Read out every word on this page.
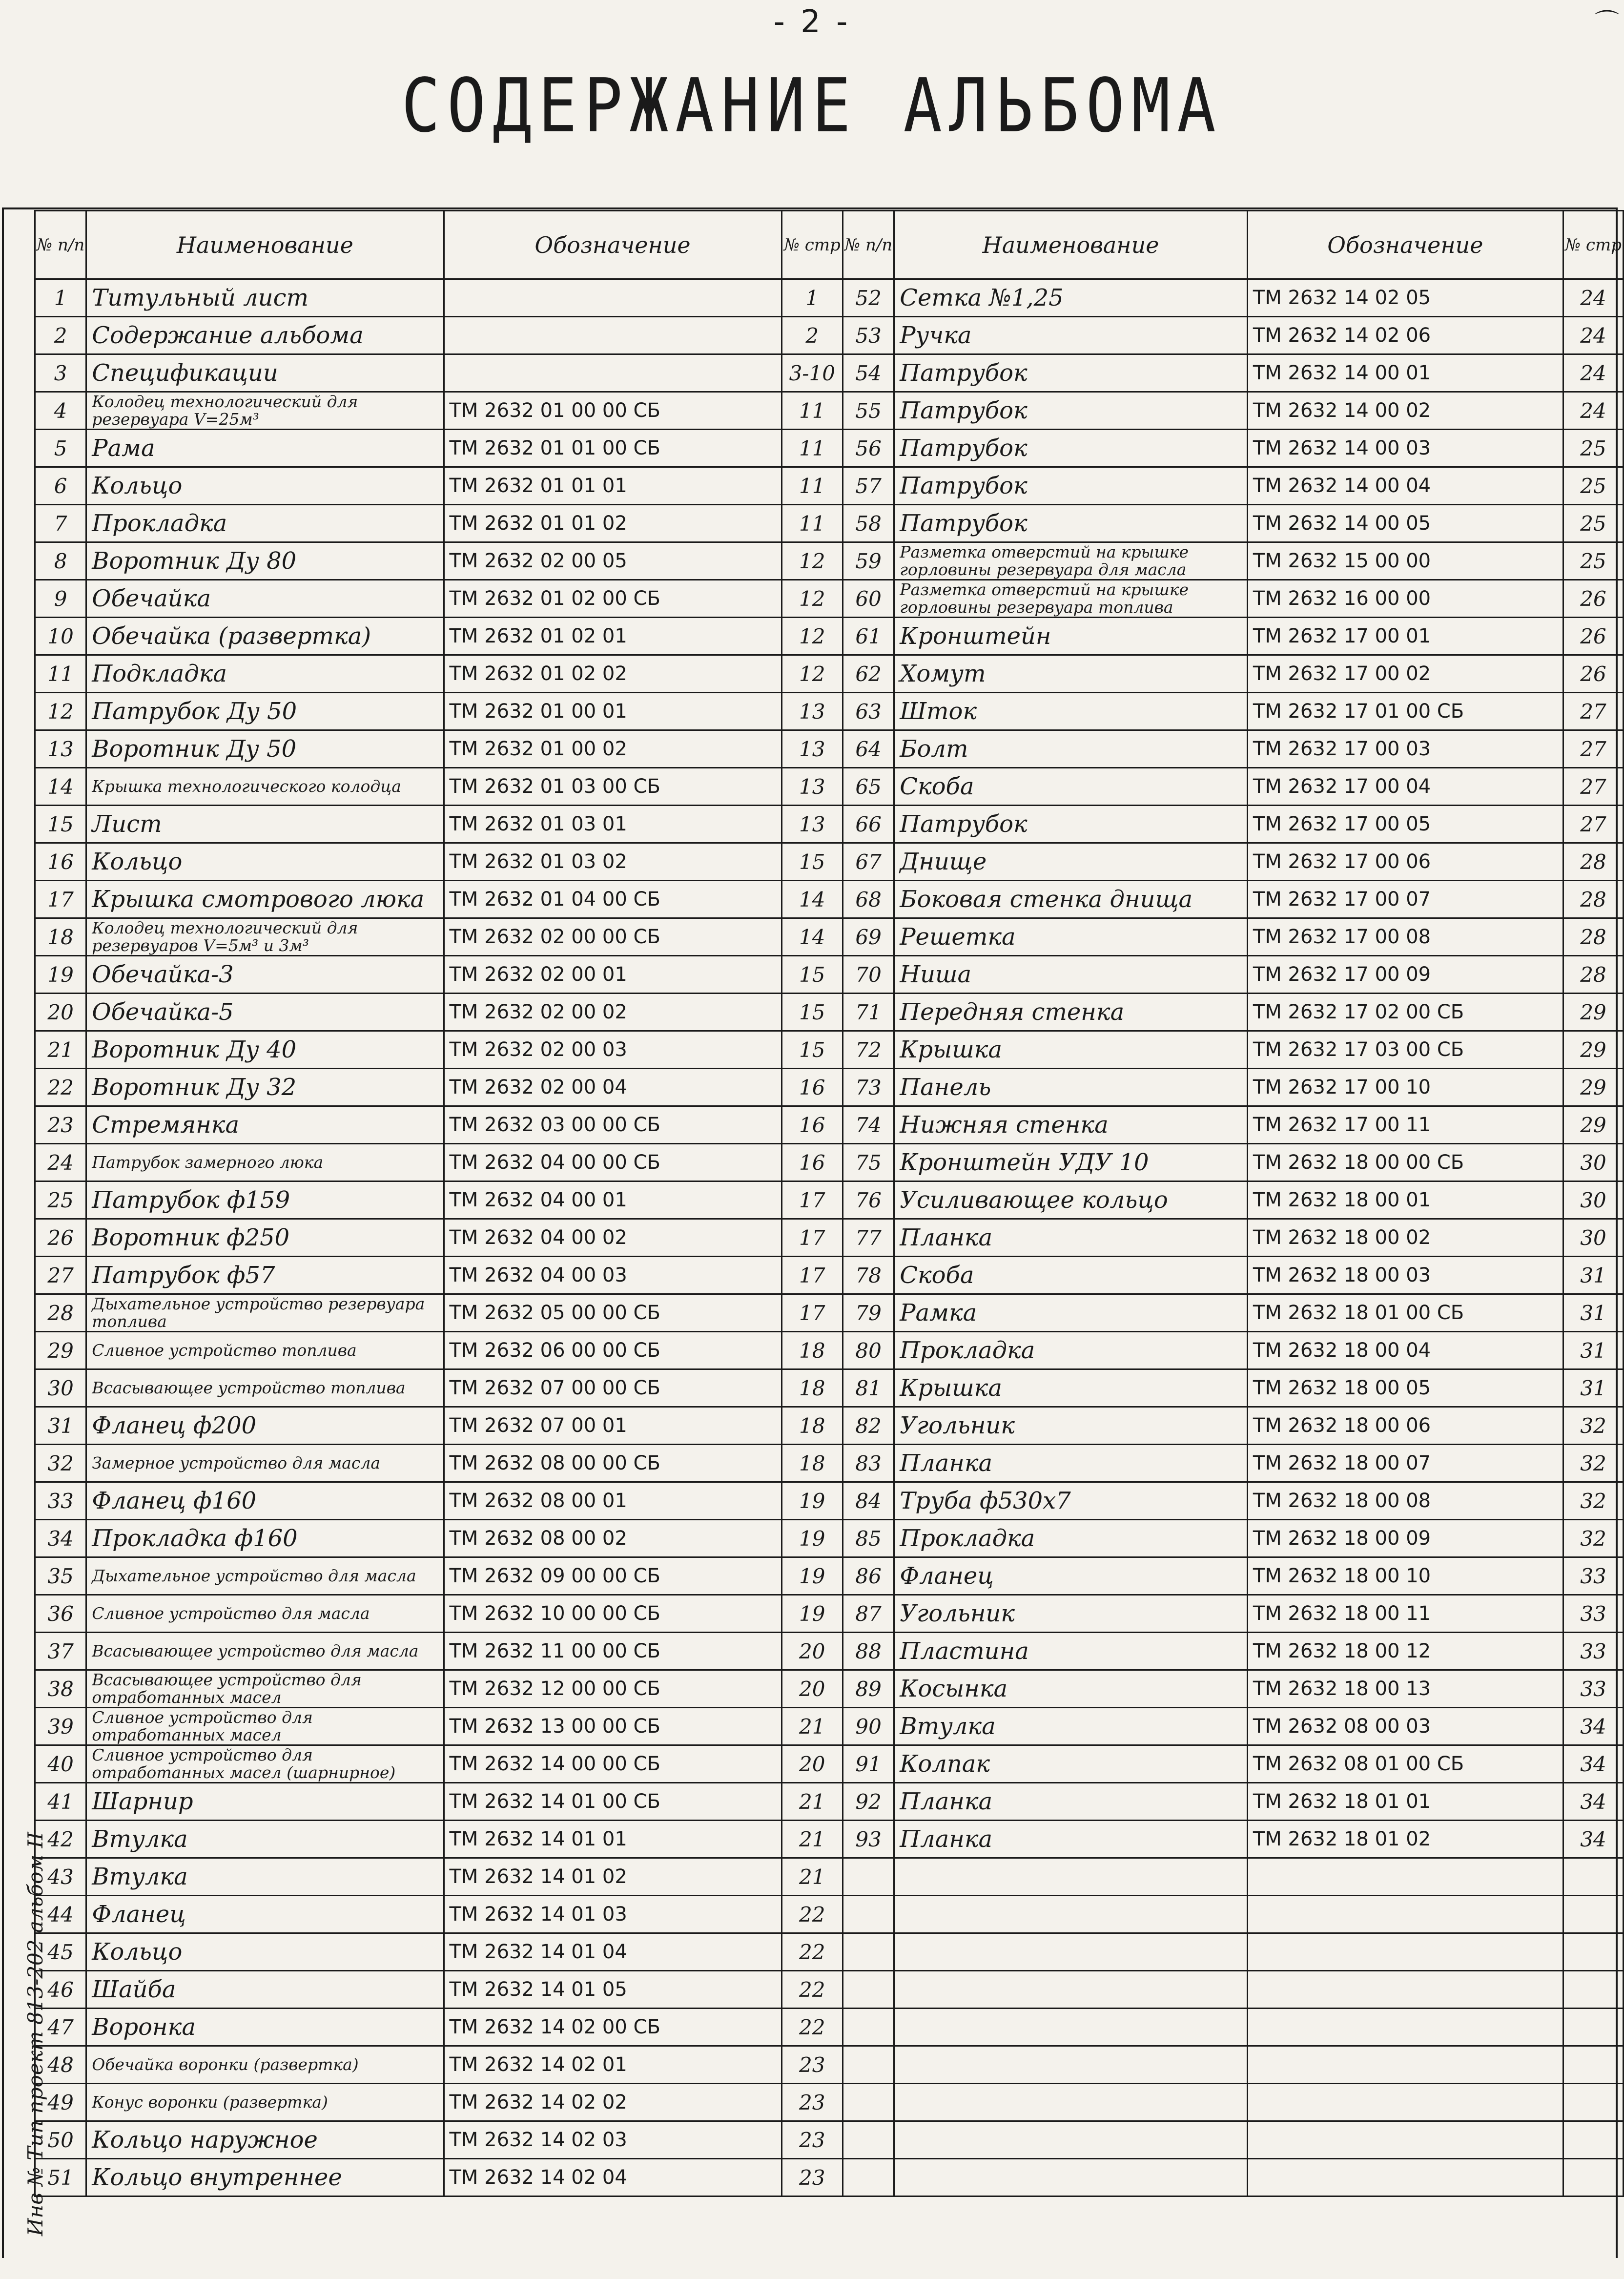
- 2 -
СОДЕРЖАНИЕ АЛЬБОМА
⌒
Инв № Тип проект 813-202 альбом II
№ п/п	Наименование	Обозначение	№ стр	№ п/п	Наименование	Обозначение	№ стр
1	Титульный лист		1	52	Сетка №1,25	ТМ 2632 14 02 05	24
2	Содержание альбома		2	53	Ручка	ТМ 2632 14 02 06	24
3	Спецификации		3-10	54	Патрубок	ТМ 2632 14 00 01	24
4	Колодец технологический для резервуара V=25м³	ТМ 2632 01 00 00 СБ	11	55	Патрубок	ТМ 2632 14 00 02	24
5	Рама	ТМ 2632 01 01 00 СБ	11	56	Патрубок	ТМ 2632 14 00 03	25
6	Кольцо	ТМ 2632 01 01 01	11	57	Патрубок	ТМ 2632 14 00 04	25
7	Прокладка	ТМ 2632 01 01 02	11	58	Патрубок	ТМ 2632 14 00 05	25
8	Воротник Ду 80	ТМ 2632 02 00 05	12	59	Разметка отверстий на крышке горловины резервуара для масла	ТМ 2632 15 00 00	25
9	Обечайка	ТМ 2632 01 02 00 СБ	12	60	Разметка отверстий на крышке горловины резервуара топлива	ТМ 2632 16 00 00	26
10	Обечайка (развертка)	ТМ 2632 01 02 01	12	61	Кронштейн	ТМ 2632 17 00 01	26
11	Подкладка	ТМ 2632 01 02 02	12	62	Хомут	ТМ 2632 17 00 02	26
12	Патрубок Ду 50	ТМ 2632 01 00 01	13	63	Шток	ТМ 2632 17 01 00 СБ	27
13	Воротник Ду 50	ТМ 2632 01 00 02	13	64	Болт	ТМ 2632 17 00 03	27
14	Крышка технологического колодца	ТМ 2632 01 03 00 СБ	13	65	Скоба	ТМ 2632 17 00 04	27
15	Лист	ТМ 2632 01 03 01	13	66	Патрубок	ТМ 2632 17 00 05	27
16	Кольцо	ТМ 2632 01 03 02	15	67	Днище	ТМ 2632 17 00 06	28
17	Крышка смотрового люка	ТМ 2632 01 04 00 СБ	14	68	Боковая стенка днища	ТМ 2632 17 00 07	28
18	Колодец технологический для резервуаров V=5м³ и 3м³	ТМ 2632 02 00 00 СБ	14	69	Решетка	ТМ 2632 17 00 08	28
19	Обечайка-3	ТМ 2632 02 00 01	15	70	Ниша	ТМ 2632 17 00 09	28
20	Обечайка-5	ТМ 2632 02 00 02	15	71	Передняя стенка	ТМ 2632 17 02 00 СБ	29
21	Воротник Ду 40	ТМ 2632 02 00 03	15	72	Крышка	ТМ 2632 17 03 00 СБ	29
22	Воротник Ду 32	ТМ 2632 02 00 04	16	73	Панель	ТМ 2632 17 00 10	29
23	Стремянка	ТМ 2632 03 00 00 СБ	16	74	Нижняя стенка	ТМ 2632 17 00 11	29
24	Патрубок замерного люка	ТМ 2632 04 00 00 СБ	16	75	Кронштейн УДУ 10	ТМ 2632 18 00 00 СБ	30
25	Патрубок ф159	ТМ 2632 04 00 01	17	76	Усиливающее кольцо	ТМ 2632 18 00 01	30
26	Воротник ф250	ТМ 2632 04 00 02	17	77	Планка	ТМ 2632 18 00 02	30
27	Патрубок ф57	ТМ 2632 04 00 03	17	78	Скоба	ТМ 2632 18 00 03	31
28	Дыхательное устройство резервуара топлива	ТМ 2632 05 00 00 СБ	17	79	Рамка	ТМ 2632 18 01 00 СБ	31
29	Сливное устройство топлива	ТМ 2632 06 00 00 СБ	18	80	Прокладка	ТМ 2632 18 00 04	31
30	Всасывающее устройство топлива	ТМ 2632 07 00 00 СБ	18	81	Крышка	ТМ 2632 18 00 05	31
31	Фланец ф200	ТМ 2632 07 00 01	18	82	Угольник	ТМ 2632 18 00 06	32
32	Замерное устройство для масла	ТМ 2632 08 00 00 СБ	18	83	Планка	ТМ 2632 18 00 07	32
33	Фланец ф160	ТМ 2632 08 00 01	19	84	Труба ф530х7	ТМ 2632 18 00 08	32
34	Прокладка ф160	ТМ 2632 08 00 02	19	85	Прокладка	ТМ 2632 18 00 09	32
35	Дыхательное устройство для масла	ТМ 2632 09 00 00 СБ	19	86	Фланец	ТМ 2632 18 00 10	33
36	Сливное устройство для масла	ТМ 2632 10 00 00 СБ	19	87	Угольник	ТМ 2632 18 00 11	33
37	Всасывающее устройство для масла	ТМ 2632 11 00 00 СБ	20	88	Пластина	ТМ 2632 18 00 12	33
38	Всасывающее устройство для отработанных масел	ТМ 2632 12 00 00 СБ	20	89	Косынка	ТМ 2632 18 00 13	33
39	Сливное устройство для отработанных масел	ТМ 2632 13 00 00 СБ	21	90	Втулка	ТМ 2632 08 00 03	34
40	Сливное устройство для отработанных масел (шарнирное)	ТМ 2632 14 00 00 СБ	20	91	Колпак	ТМ 2632 08 01 00 СБ	34
41	Шарнир	ТМ 2632 14 01 00 СБ	21	92	Планка	ТМ 2632 18 01 01	34
42	Втулка	ТМ 2632 14 01 01	21	93	Планка	ТМ 2632 18 01 02	34
43	Втулка	ТМ 2632 14 01 02	21				
44	Фланец	ТМ 2632 14 01 03	22				
45	Кольцо	ТМ 2632 14 01 04	22				
46	Шайба	ТМ 2632 14 01 05	22				
47	Воронка	ТМ 2632 14 02 00 СБ	22				
48	Обечайка воронки (развертка)	ТМ 2632 14 02 01	23				
49	Конус воронки (развертка)	ТМ 2632 14 02 02	23				
50	Кольцо наружное	ТМ 2632 14 02 03	23				
51	Кольцо внутреннее	ТМ 2632 14 02 04	23				
